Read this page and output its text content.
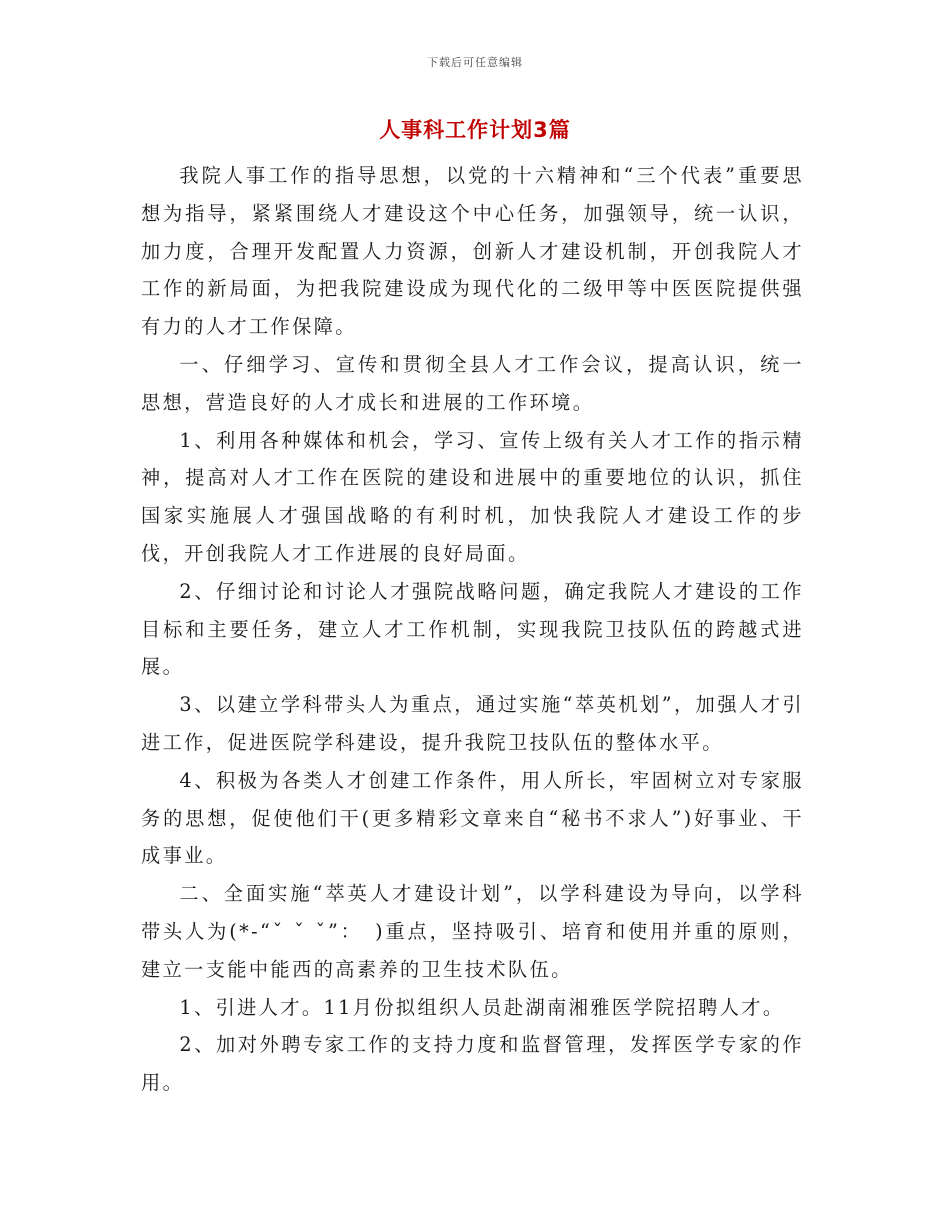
下载后可任意编辑
人事科工作计划3篇

我院人事工作的指导思想，以党的十六精神和“三个代表”重要思想为指导，紧紧围绕人才建设这个中心任务，加强领导，统一认识，加力度，合理开发配置人力资源，创新人才建设机制，开创我院人才工作的新局面，为把我院建设成为现代化的二级甲等中医医院提供强有力的人才工作保障。

一、仔细学习、宣传和贯彻全县人才工作会议，提高认识，统一思想，营造良好的人才成长和进展的工作环境。

1、利用各种媒体和机会，学习、宣传上级有关人才工作的指示精神，提高对人才工作在医院的建设和进展中的重要地位的认识，抓住国家实施展人才强国战略的有利时机，加快我院人才建设工作的步伐，开创我院人才工作进展的良好局面。

2、仔细讨论和讨论人才强院战略问题，确定我院人才建设的工作目标和主要任务，建立人才工作机制，实现我院卫技队伍的跨越式进展。

3、以建立学科带头人为重点，通过实施“萃英机划”，加强人才引进工作，促进医院学科建设，提升我院卫技队伍的整体水平。

4、积极为各类人才创建工作条件，用人所长，牢固树立对专家服务的思想，促使他们干(更多精彩文章来自“秘书不求人”)好事业、干成事业。

二、全面实施“萃英人才建设计划”，以学科建设为导向，以学科带头人为(*-“ˇ ˇ ˇ”：　)重点，坚持吸引、培育和使用并重的原则，建立一支能中能西的高素养的卫生技术队伍。

1、引进人才。11月份拟组织人员赴湖南湘雅医学院招聘人才。

2、加对外聘专家工作的支持力度和监督管理，发挥医学专家的作用。
